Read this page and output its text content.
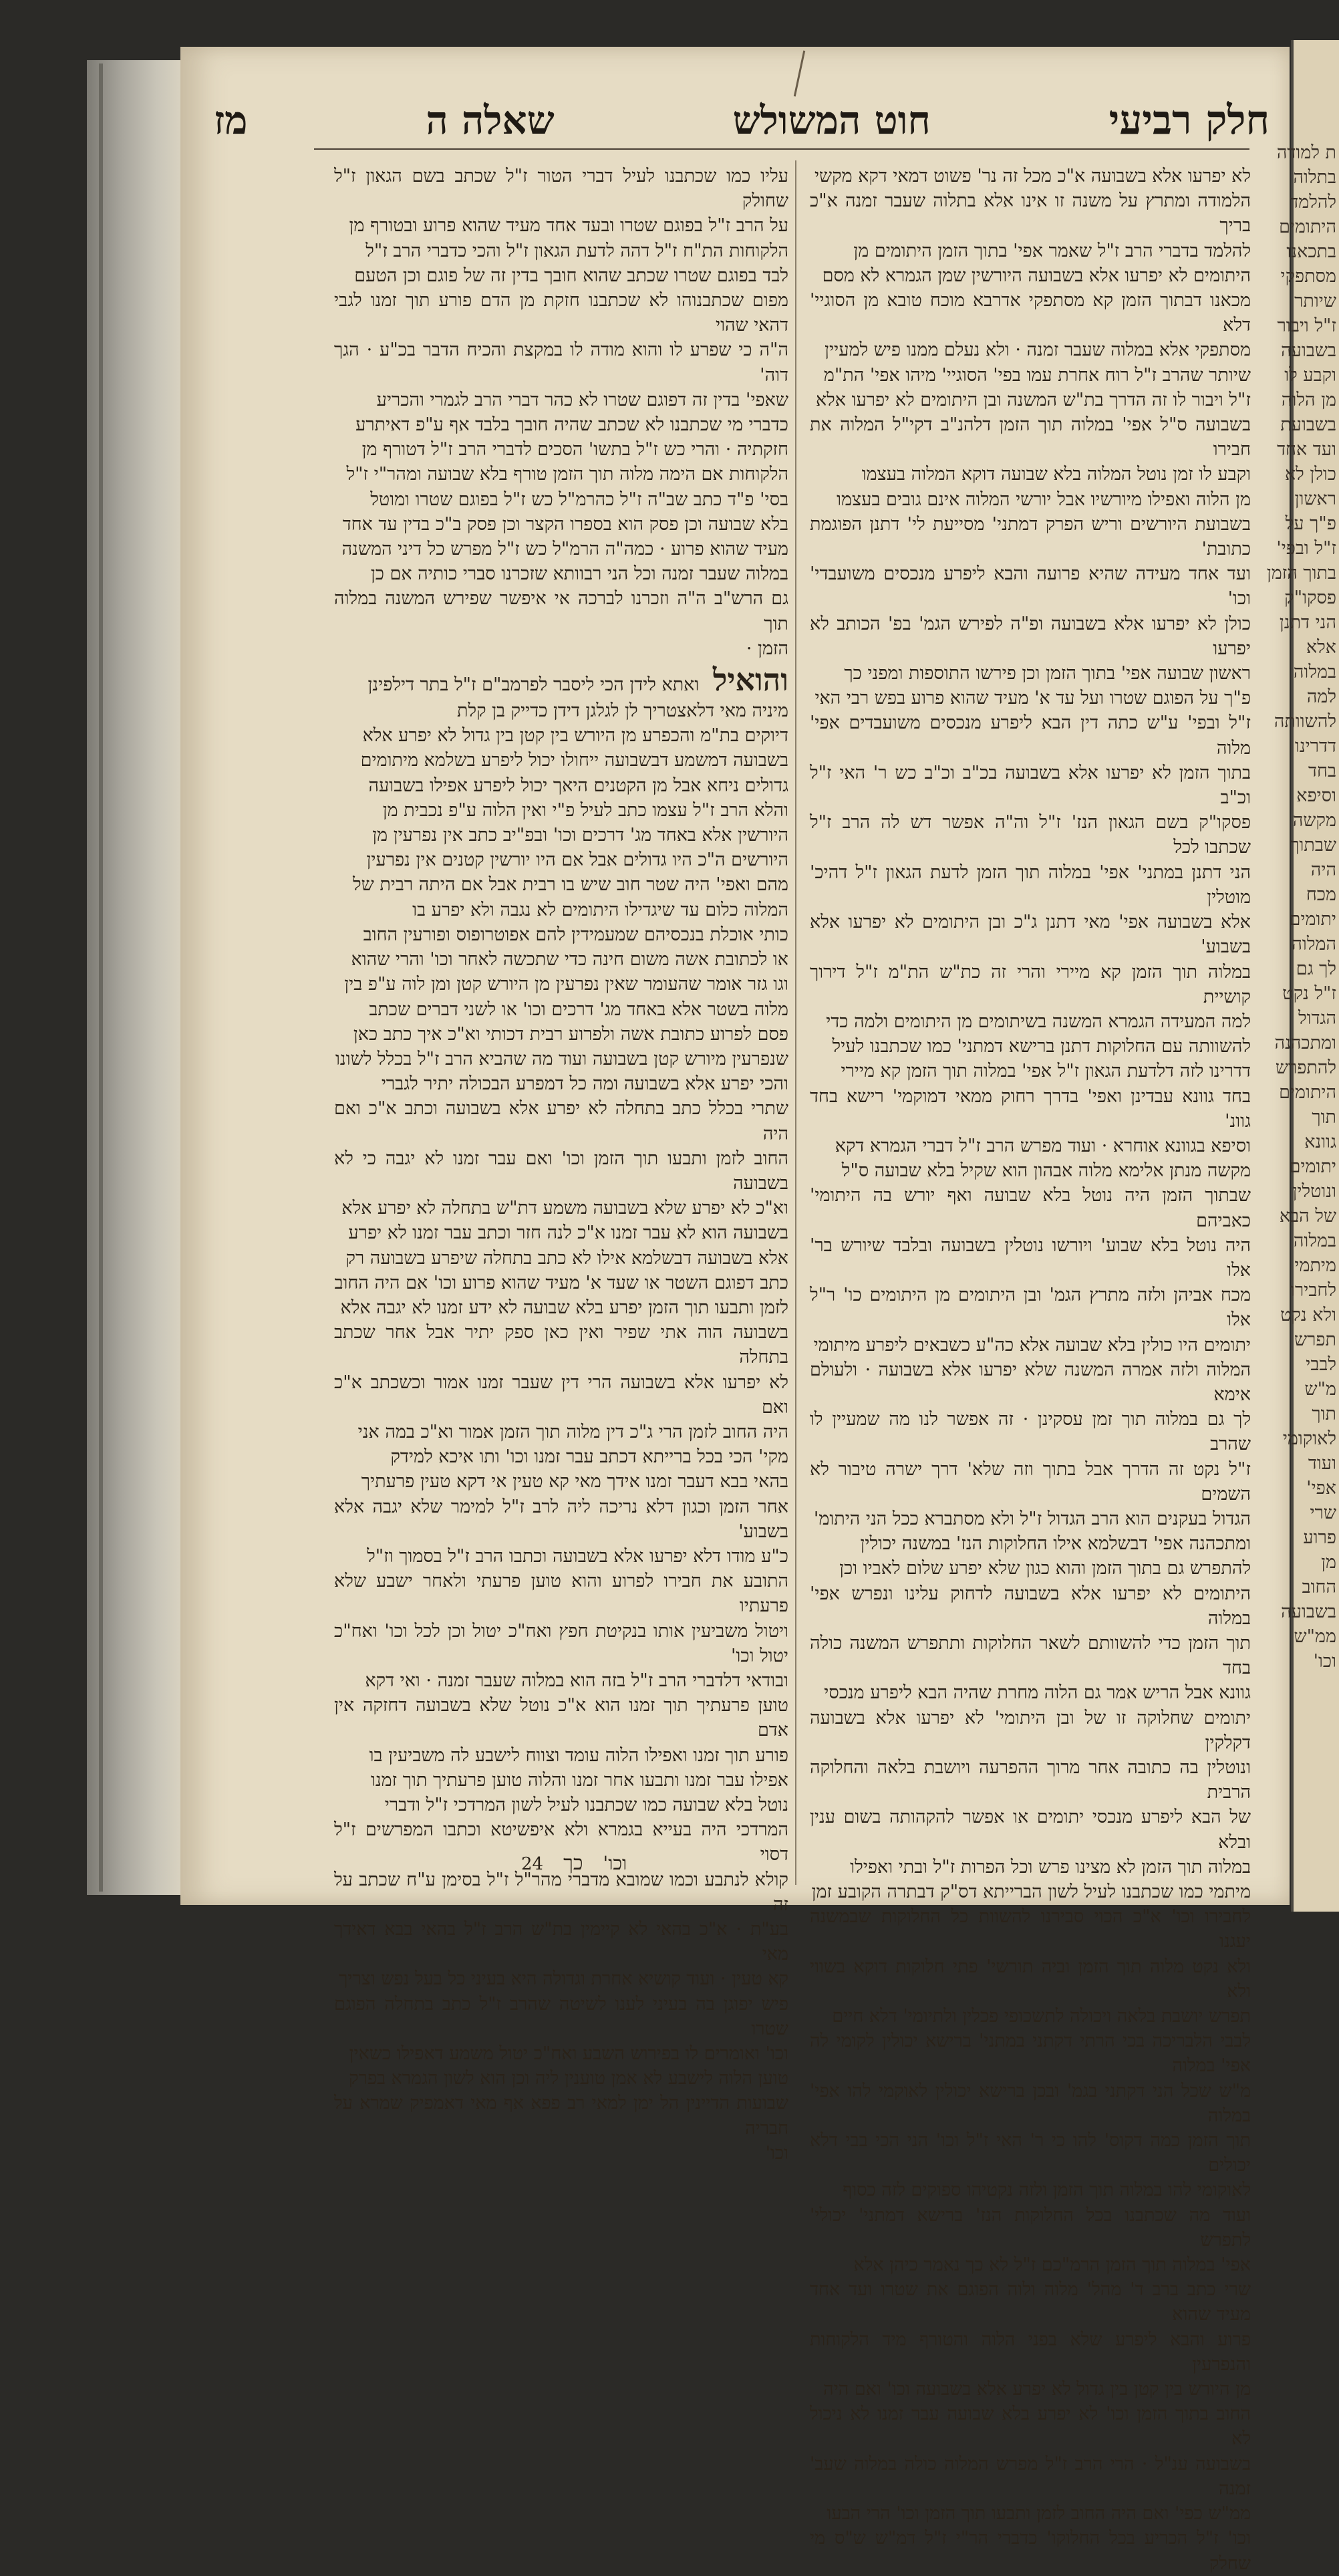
ת למודה
בתלוה
להלמד
היתומים
בתכאנו
מסתפקי
שיותר
ז"ל ויבור
בשבועה
וקבע לו
מן הלוה
בשבועת
ועד אחד
כולן לא
ראשון
פ"ך על
ז"ל ובפי'
בתוך הזמן
פסקו"ק
הני דתנן
אלא
במלוה
למה
להשוותה
דדרינו
בחד
וסיפא
מקשה
שבתוך
היה
מכח
יתומים
המלוה
לך גם
ז"ל נקט
הגדול
ומתכהנה
להתפרש
היתומים
תוך
גוונא
יתומים
ונוטלין
של הבא
במלוה
מיתמי
לחבירו
ולא נקט
תפרש
לבבי
מ"ש
תוך
לאוקומי
ועוד
אפי'
שרי
פרוע
מן
החוב
בשבועה
ממ"ש
וכו'
חלק רביעי
חוט המשולש
שאלה ה
מז

לא יפרעו אלא בשבועה א"כ מכל זה נר' פשוט דמאי דקא מקשי

הלמודה ומתרץ על משנה זו אינו אלא בתלוה שעבר זמנה א"כ בריך

להלמד בדברי הרב ז"ל שאמר אפי' בתוך הזמן היתומים מן

היתומים לא יפרעו אלא בשבועה היורשין שמן הגמרא לא מסם

מכאנו דבתוך הזמן קא מסתפקי אדרבא מוכח טובא מן הסוגיי' דלא

מסתפקי אלא במלוה שעבר זמנה · ולא נעלם ממנו פיש למעיין

שיותר שהרב ז"ל רוח אחרת עמו בפי' הסוגיי' מיהו אפי' הת"מ

ז"ל ויבור לו זה הדרך בת"ש המשנה ובן היתומים לא יפרעו אלא

בשבועה ס"ל אפי' במלוה תוך הזמן דלהנ"ב דקי"ל המלוה את חבירו

וקבע לו זמן נוטל המלוה בלא שבועה דוקא המלוה בעצמו

מן הלוה ואפילו מיורשיו אבל יורשי המלוה אינם גובים בעצמו

בשבועת היורשים וריש הפרק דמתני' מסייעת לי' דתנן הפוגמת כתובת'

ועד אחד מעידה שהיא פרועה והבא ליפרע מנכסים משועבדי' וכו'

כולן לא יפרעו אלא בשבועה ופ"ה לפירש הגמ' בפ' הכותב לא יפרעו

ראשון שבועה אפי' בתוך הזמן וכן פירשו התוספות ומפני כך

פ"ך על הפוגם שטרו ועל עד א' מעיד שהוא פרוע בפש רבי האי

ז"ל ובפי' ע"ש כתה דין הבא ליפרע מנכסים משועבדים אפי' מלוה

בתוך הזמן לא יפרעו אלא בשבועה בכ"ב וכ"ב כש ר' האי ז"ל וכ"ב

פסקו"ק בשם הגאון הנז' ז"ל וה"ה אפשר דש לה הרב ז"ל שכתבו לכל

הני דתנן במתני' אפי' במלוה תוך הזמן לדעת הגאון ז"ל דהיכ' מוטלין

אלא בשבועה אפי' מאי דתנן ג"כ ובן היתומים לא יפרעו אלא בשבוע'

במלוה תוך הזמן קא מיירי והרי זה כת"ש הת"מ ז"ל דירוך קושיית

למה המעידה הגמרא המשנה בשיתומים מן היתומים ולמה כדי

להשוותה עם החלוקות דתנן ברישא דמתני' כמו שכתבנו לעיל

דדרינו לזה דלדעת הגאון ז"ל אפי' במלוה תוך הזמן קא מיירי

בחד גוונא עבדינן ואפי' בדרך רחוק ממאי דמוקמי' רישא בחד גוונ'

וסיפא בגוונא אוחרא · ועוד מפרש הרב ז"ל דברי הגמרא דקא

מקשה מנתן אלימא מלוה אבהון הוא שקיל בלא שבועה ס"ל

שבתוך הזמן היה נוטל בלא שבועה ואף יורש בה היתומי' כאביהם

היה נוטל בלא שבוע' ויורשו נוטלין בשבועה ובלבד שיורש בר' אלו

מכח אביהן ולזה מתרץ הגמ' ובן היתומים מן היתומים כו' ר"ל אלו

יתומים היו כולין בלא שבועה אלא כה"ע כשבאים ליפרע מיתומי

המלוה ולזה אמרה המשנה שלא יפרעו אלא בשבועה · ולעולם אימא

לך גם במלוה תוך זמן עסקינן · זה אפשר לנו מה שמעיין לו שהרב

ז"ל נקט זה הדרך אבל בתוך וזה שלא' דרך ישרה טיבור לא השמים

הגדול בעקנים הוא הרב הגדול ז"ל ולא מסתברא ככל הני היתומ'

ומתכהנה אפי' דבשלמא אילו החלוקות הנז' במשנה יכולין

להתפרש גם בתוך הזמן והוא כגון שלא יפרע שלום לאביו וכן

היתומים לא יפרעו אלא בשבועה לדחוק עלינו ונפרש אפי' במלוה

תוך הזמן כדי להשוותם לשאר החלוקות ותתפרש המשנה כולה בחד

גוונא אבל הריש אמר גם הלוה מחרת שהיה הבא ליפרע מנכסי

יתומים שחלוקה זו של ובן היתומי' לא יפרעו אלא בשבועה דקלקין

ונוטלין בה כתובה אחר מרוך ההפרעה ויושבת בלאה והחלוקה הרבית

של הבא ליפרע מנכסי יתומים או אפשר להקהותה בשום ענין ובלא

במלוה תוך הזמן לא מצינו פרש וכל הפרות ז"ל ובתי ואפילו

מיתמי כמו שכתבנו לעיל לשון הברייתא דס"ק דבתרה הקובע זמן

לחבירו וכו' א"כ הכוי סבירנו להשוות כל החלוקות שבמשנה יעגנו

ולא נקט מלוה תוך הזמן וביה תורשי' פתי חלוקות דוקא בשווי ולא

תפרש יושבת בלאה ויכולה לתשכופי פכלין ולתיומי' דלא חיים

לבבי הלבריכה בכי הרתי דקתני במתני' ברישא יכולין לקומי לה אפי' במלוה

מ"ש שכל הני דקתני בגמ' ובכן ברישא יכולין לאוקמי להו אפי' במלוה

תוך הזמן כמה דקוס' להו כי ר' האי ז"ל וכו' הני הכי בבי דלא יכולים

לאוקומי להו במלוה תוך הזמן ולזה נקטיהו ספוקים לזה כסוף

ועוד מה שכתבנו בכל החלוקות הנז' ברישא דמתני' יכולי' לתפרש

אפי' במלוה תוך הזמן הרמ"כם ז"ל לא כך נאמר כיהן אלא

שרי כתב ברב ד' מהל' מלוה ולוה הפוגם את שטרו ועד אחד מעיד שהוא

פרוע והבא ליפרע שלא בפני הלוה והטורף מיד הלקוחות והנפרעין

מן היורש בין קטן בין גדול לא יפרע אלא בשבועה וכו' ואם היה

החוב בתוך הזמן וכו' לא יפרע בלא שבועה עבר זמנו לא ניכול לא

בשבועה ענ"ל · הרי הרב ז"ל מפרש המלוה כולה במלוה שעב' זמנה

ממ"ש כפי' ואם היה החוב לזמן ותבעו תוך הזמן וכו' הרי הבעו

וכו' ז"ל הכריע בכל החלוקו' כדברי הר"י ז"ל דמ"ש ש"ס מי שחלק

עליו כמו שכתבנו לעיל דברי הטור ז"ל שכתב בשם הגאון ז"ל שחולק

על הרב ז"ל בפוגם שטרו ובעד אחד מעיד שהוא פרוע ובטורף מן

הלקוחות הת"ח ז"ל דהה לדעת הגאון ז"ל והכי כדברי הרב ז"ל

לבד בפוגם שטרו שכתב שהוא חובך בדין זה של פוגם וכן הטעם

מפום שכתבנוהו לא שכתבנו חזקת מן הדם פורע תוך זמנו לגבי דהאי שהוי

ה"ה כי שפרע לו והוא מודה לו במקצת והכיח הדבר בכ"ע · הגך דוה'

שאפי' בדין זה דפוגם שטרו לא כהר דברי הרב לגמרי והכריע

כדברי מי שכתבנו לא שכתב שהיה חובך בלבד אף ע"פ דאיתרע

חזקתיה · והרי כש ז"ל בתשו' הסכים לדברי הרב ז"ל דטורף מן

הלקוחות אם הימה מלוה תוך הזמן טורף בלא שבועה ומהר"י ז"ל

בסי' פ"ד כתב שב"ה ז"ל כהרמ"ל כש ז"ל בפוגם שטרו ומוטל

בלא שבועה וכן פסק הוא בספרו הקצר וכן פסק ב"כ בדין עד אחד

מעיד שהוא פרוע · כמה"ה הרמ"ל כש ז"ל מפרש כל דיני המשנה

במלוה שעבר זמנה וכל הני רבוותא שזכרנו סברי כותיה אם כן

גם הרש"ב ה"ה וזכרנו לברכה אי איפשר שפירש המשנה במלוה תוך

הזמן ·

והואיל ואתא לידן הכי ליסבר לפרמב"ם ז"ל בתר דילפינן

מיניה מאי דלאצטריך לן לגלגן דידן כדייק בן קלת

דיוקים בת"מ והכפרע מן היורש בין קטן בין גדול לא יפרע אלא

בשבועה דמשמע דבשבועה ייחולו יכול ליפרע בשלמא מיתומים

גדולים ניחא אבל מן הקטנים היאך יכול ליפרע אפילו בשבועה

והלא הרב ז"ל עצמו כתב לעיל פ"י ואין הלוה ע"פ נכבית מן

היורשין אלא באחד מג' דרכים וכו' ובפ"יב כתב אין נפרעין מן

היורשים ה"כ היו גדולים אבל אם היו יורשין קטנים אין נפרעין

מהם ואפי' היה שטר חוב שיש בו רבית אבל אם היתה רבית של

המלוה כלום עד שיגדילו היתומים לא נגבה ולא יפרע בו

כותי אוכלת בנכסיהם שמעמידין להם אפוטרופוס ופורעין החוב

או לכתובת אשה משום חינה כדי שתכשה לאחר וכו' והרי שהוא

וגו גזר אומר שהעומר שאין נפרעין מן היורש קטן ומן לוה ע"פ בין

מלוה בשטר אלא באחד מג' דרכים וכו' או לשני דברים שכתב

פסם לפרוע כתובת אשה ולפרוע רבית דכותי וא"כ איך כתב כאן

שנפרעין מיורש קטן בשבועה ועוד מה שהביא הרב ז"ל בכלל לשונו

והכי יפרע אלא בשבועה ומה כל דמפרע הבכולה יתיר לגברי

שתרי בכלל כתב בתחלה לא יפרע אלא בשבועה וכתב א"כ ואם היה

החוב לזמן ותבעו תוך הזמן וכו' ואם עבר זמנו לא יגבה כי לא בשבועה

וא"כ לא יפרע שלא בשבועה משמע דת"ש בתחלה לא יפרע אלא

בשבועה הוא לא עבר זמנו א"כ לנה חזר וכתב עבר זמנו לא יפרע

אלא בשבועה דבשלמא אילו לא כתב בתחלה שיפרע בשבועה רק

כתב דפוגם השטר או שעד א' מעיד שהוא פרוע וכו' אם היה החוב

לזמן ותבעו תוך הזמן יפרע בלא שבועה לא ידע זמנו לא יגבה אלא

בשבועה הוה אתי שפיר ואין כאן ספק יתיר אבל אחר שכתב בתחלה

לא יפרעו אלא בשבועה הרי דין שעבר זמנו אמור וכשכתב א"כ ואם

היה החוב לזמן הרי ג"כ דין מלוה תוך הזמן אמור וא"כ במה אני

מקי' הכי בכל ברייתא דכתב עבר זמנו וכו' ותו איכא למידק

בהאי בבא דעבר זמנו אידך מאי קא טעין אי דקא טעין פרעתיך

אחר הזמן וכגון דלא נריכה ליה לרב ז"ל למימר שלא יגבה אלא בשבוע'

כ"ע מודו דלא יפרעו אלא בשבועה וכתבו הרב ז"ל בסמוך וז"ל

התובע את חבירו לפרוע והוא טוען פרעתי ולאחר ישבע שלא פרעתיו

ויטול משביעין אותו בנקיטת חפץ ואח"כ יטול וכן לכל וכו' ואח"כ יטול וכו'

ובודאי דלדברי הרב ז"ל בזה הוא במלוה שעבר זמנה · ואי דקא

טוען פרעתיך תוך זמנו הוא א"כ נוטל שלא בשבועה דחזקה אין אדם

פורע תוך זמנו ואפילו הלוה עומד וצווח לישבע לה משביעין בו

אפילו עבר זמנו ותבעו אחר זמנו והלוה טוען פרעתיך תוך זמנו

נוטל בלא שבועה כמו שכתבנו לעיל לשון המרדכי ז"ל ודברי

המרדכי היה בעייא בגמרא ולא איפשיטא וכתבו המפרשים ז"ל דסוי

קולא לנתבע וכמו שמובא מדברי מהר"ל ז"ל בסימן ע"ח שכתב על זה

בע"ת · א"כ בהאי לא קיימין בת"ש הרב ז"ל בהאי בבא דאידך מאי

קא טעין · ועוד קושיא אחרת וגדולה היא בעיני כל בעל נפש וצריך

פיש יפוגן בה בעיני לענו לשיטה שהרב ז"ל כתב בתחלה הפוגם שטרו

וכו' ואומרים לו בפירוש השבע ואח"כ יטול משמע דאפילו כשאין

טוען הלוה לישבע לא אמן טוענין ליה וכן הוא לשון הגמרא בפרק

שבועות הדיינין הל ימן למאי רב פפא אף מאי דאמפיק שמרא על חבריה

וכו'

24 כך וכו'
